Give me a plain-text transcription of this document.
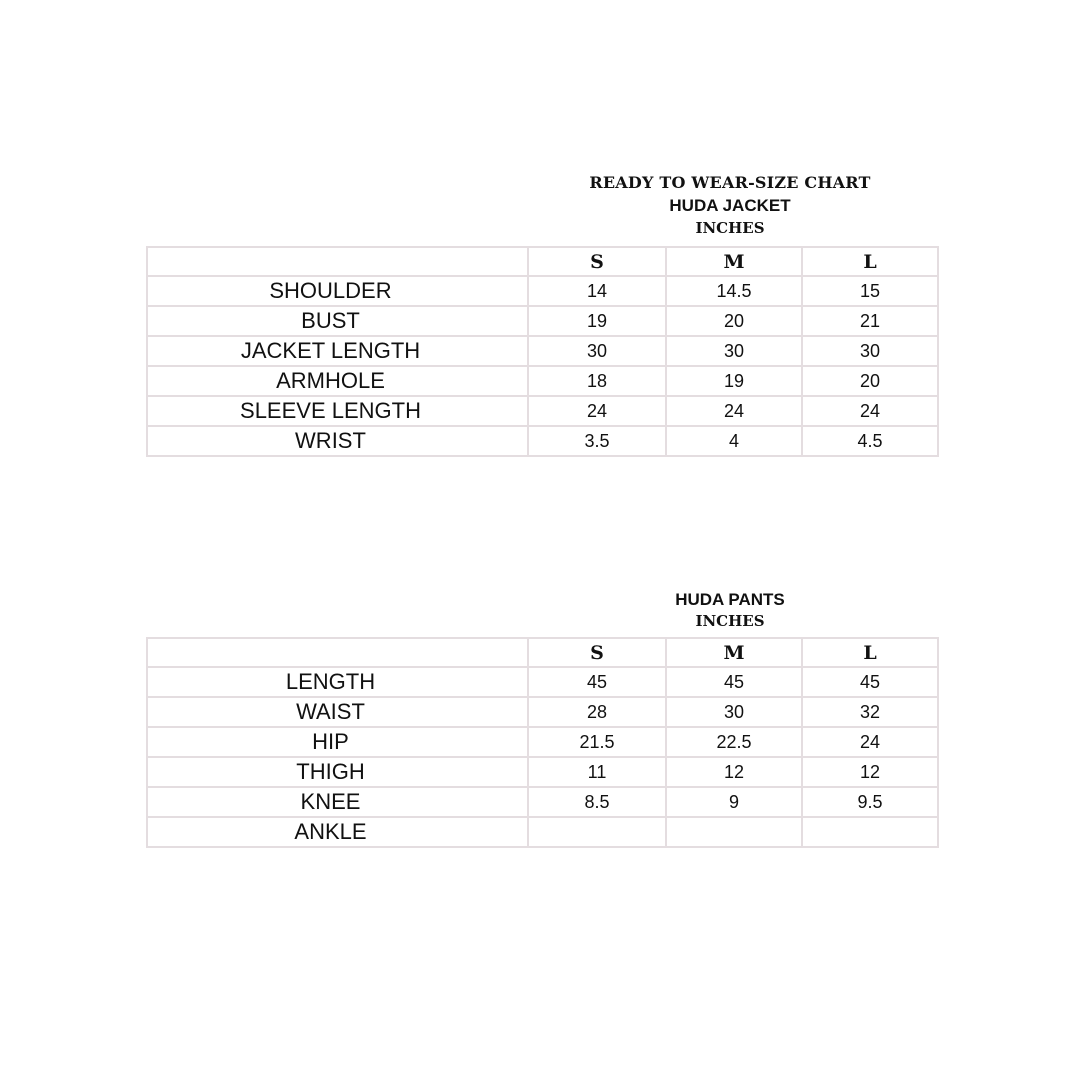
READY TO WEAR-SIZE CHART
HUDA JACKET
INCHES
	S	M	L
SHOULDER	14	14.5	15
BUST	19	20	21
JACKET LENGTH	30	30	30
ARMHOLE	18	19	20
SLEEVE LENGTH	24	24	24
WRIST	3.5	4	4.5
HUDA PANTS
INCHES
	S	M	L
LENGTH	45	45	45
WAIST	28	30	32
HIP	21.5	22.5	24
THIGH	11	12	12
KNEE	8.5	9	9.5
ANKLE			
